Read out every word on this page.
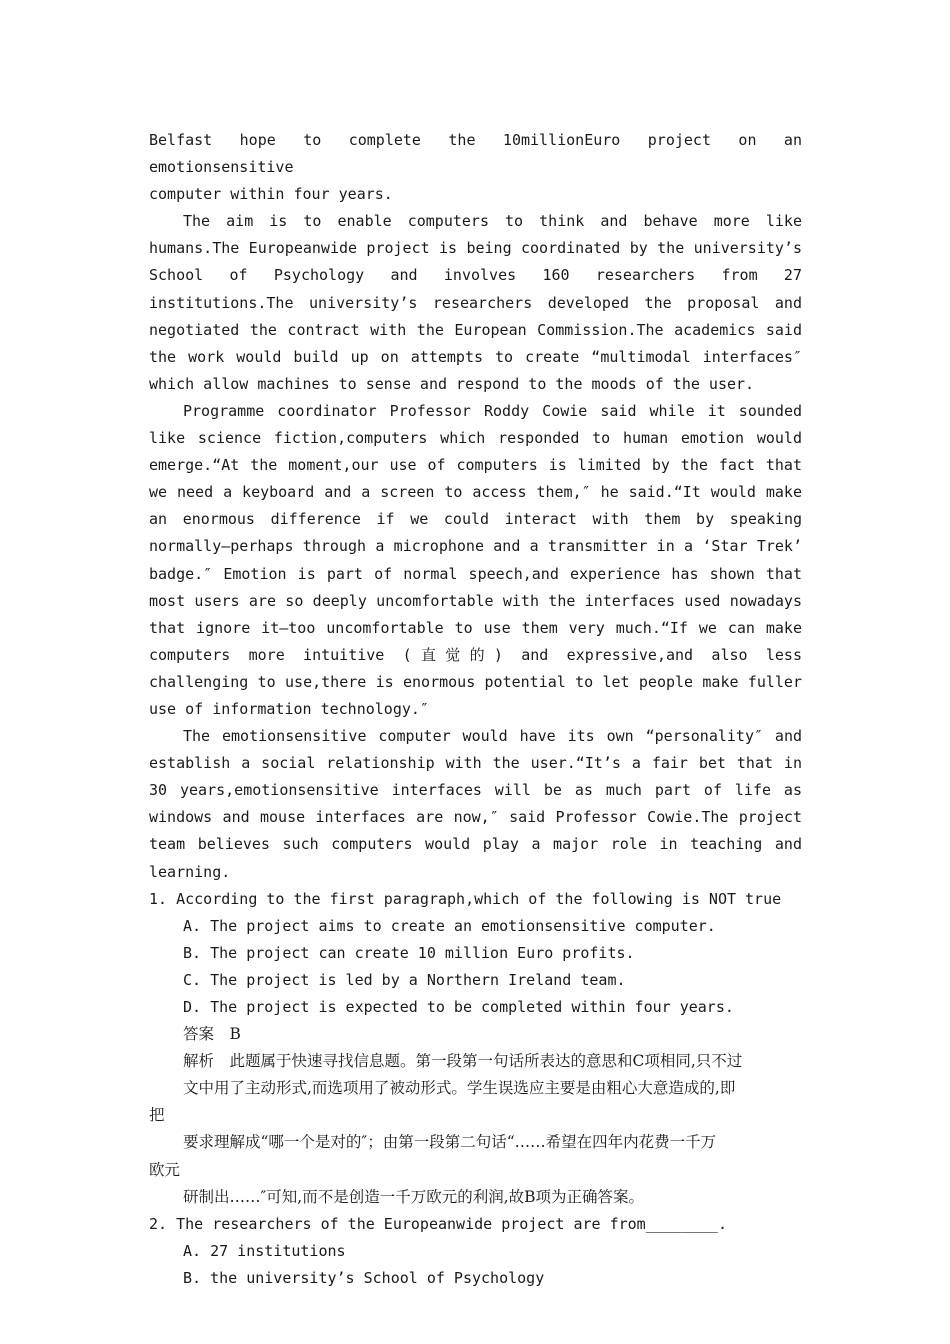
Belfast hope to complete the 10millionEuro project on an emotionsensitive

computer within four years.

The aim is to enable computers to think and behave more like humans.The Europeanwide project is being coordinated by the university’s School of Psychology and involves 160 researchers from 27 institutions.The university’s researchers developed the proposal and negotiated the contract with the European Commission.The academics said the work would build up on attempts to create “multimodal interfaces″ which allow machines to sense and respond to the moods of the user.

Programme coordinator Professor Roddy Cowie said while it sounded like science fiction,computers which responded to human emotion would emerge.“At the moment,our use of computers is limited by the fact that we need a keyboard and a screen to access them,″ he said.“It would make an enormous difference if we could interact with them by speaking normally—perhaps through a microphone and a transmitter in a ‘Star Trek’ badge.″ Emotion is part of normal speech,and experience has shown that most users are so deeply uncomfortable with the interfaces used nowadays that ignore it—too uncomfortable to use them very much.“If we can make computers more intuitive (直觉的) and expressive,and also less challenging to use,there is enormous potential to let people make fuller use of information technology.″

The emotionsensitive computer would have its own “personality″ and establish a social relationship with the user.“It’s a fair bet that in 30 years,emotionsensitive interfaces will be as much part of life as windows and mouse interfaces are now,″ said Professor Cowie.The project team believes such computers would play a major role in teaching and learning.

1. According to the first paragraph,which of the following is NOT true

A. The project aims to create an emotionsensitive computer.

B. The project can create 10 million Euro profits.

C. The project is led by a Northern Ireland team.

D. The project is expected to be completed within four years.

答案　B

解析　此题属于快速寻找信息题。第一段第一句话所表达的意思和C项相同,只不过

文中用了主动形式,而选项用了被动形式。学生误选应主要是由粗心大意造成的,即

把

要求理解成“哪一个是对的″；由第一段第二句话“……希望在四年内花费一千万

欧元

研制出……″可知,而不是创造一千万欧元的利润,故B项为正确答案。

2. The researchers of the Europeanwide project are from________.

A. 27 institutions

B. the university’s School of Psychology
